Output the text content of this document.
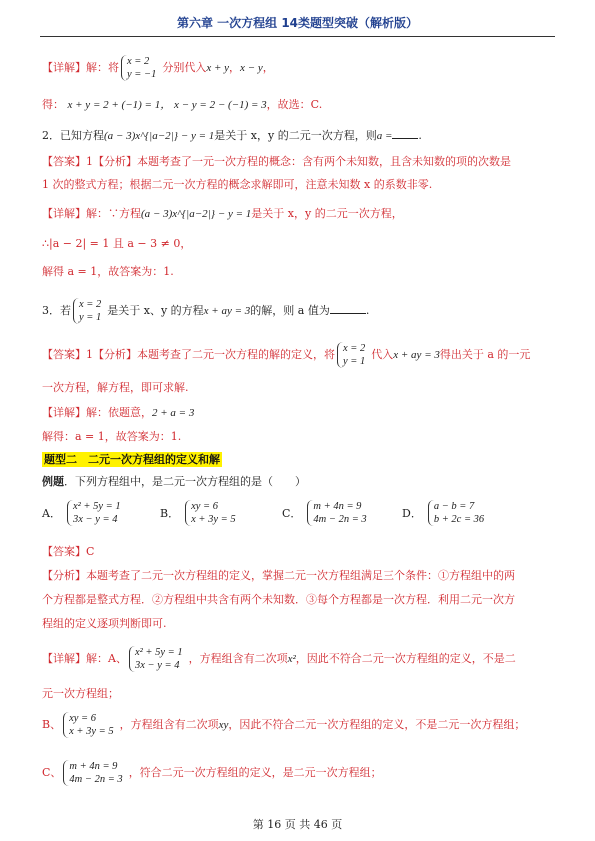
第六章 一次方程组 14类题型突破（解析版）
【详解】解：将 x = 2
y = −1
分别代入x + y，x − y，
得： x + y = 2 + (−1) = 1， x − y = 2 − (−1) = 3，故选：C.
2．已知方程(a − 3)x^{|a−2|} − y = 1是关于 x，y 的二元一次方程，则a = .
【答案】1【分析】本题考查了一元一次方程的概念：含有两个未知数，且含未知数的项的次数是
1 次的整式方程；根据二元一次方程的概念求解即可，注意未知数 x 的系数非零.
【详解】解：∵方程(a − 3)x^{|a−2|} − y = 1是关于 x，y 的二元一次方程，
∴|a − 2| = 1 且 a − 3 ≠ 0，
解得 a = 1，故答案为：1.
3．若 x = 2
y = 1
是关于 x、y 的方程x + ay = 3的解，则 a 值为	.
【答案】1【分析】本题考查了二元一次方程的解的定义，将 x = 2
y = 1
代入x + ay = 3得出关于 a 的一元
一次方程，解方程，即可求解.
【详解】解：依题意，2 + a = 3
解得：a = 1，故答案为：1.
题型二　二元一次方程组的定义和解
例题．下列方程组中，是二元一次方程组的是（　　）
A．
x² + 5y = 1
3x − y = 4	B．
xy = 6
x + 3y = 5	C．
m + 4n = 9
4m − 2n = 3	D．
a − b = 7
b + 2c = 36
【答案】C
【分析】本题考查了二元一次方程组的定义，掌握二元一次方程组满足三个条件：①方程组中的两
个方程都是整式方程．②方程组中共含有两个未知数．③每个方程都是一次方程．利用二元一次方
程组的定义逐项判断即可.
【详解】解：A、 x² + 5y = 1
3x − y = 4
，方程组含有二次项x²，因此不符合二元一次方程组的定义，不是二
元一次方程组；
B、 xy = 6
x + 3y = 5
，方程组含有二次项xy，因此不符合二元一次方程组的定义，不是二元一次方程组；
C、 m + 4n = 9
4m − 2n = 3
，符合二元一次方程组的定义，是二元一次方程组；
第 16 页 共 46 页
